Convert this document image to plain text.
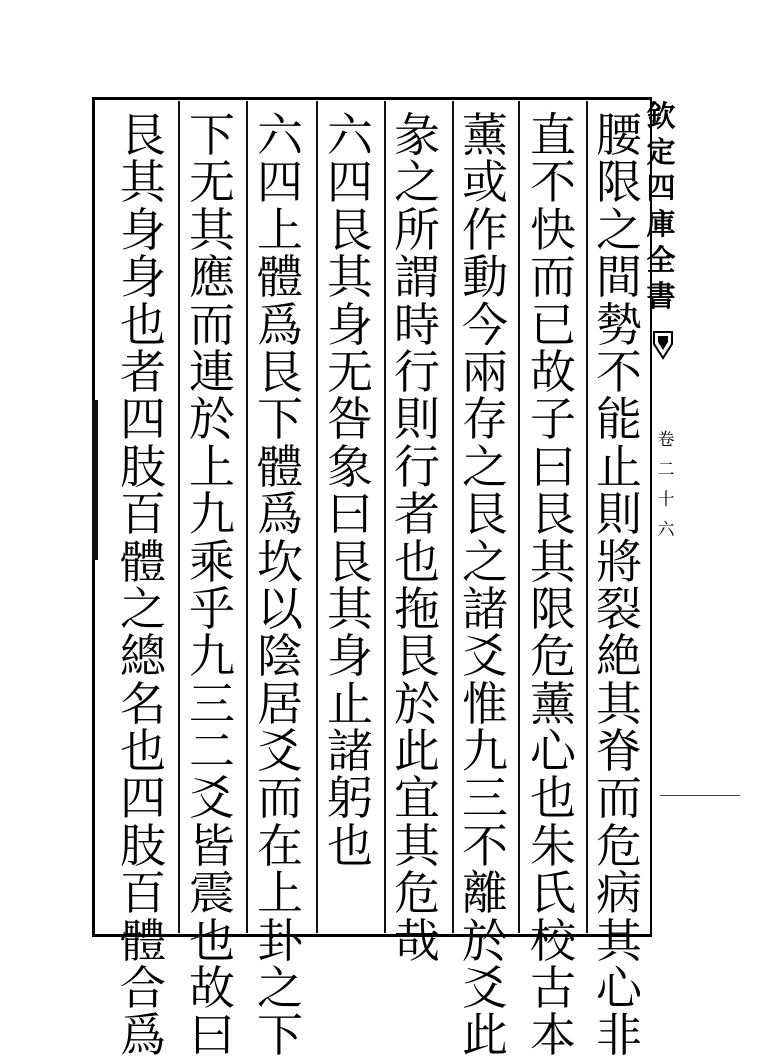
欽
定
四
庫
全
書
卷
二
十
六
腰
限
之
間
勢
不
能
止
則
將
裂
絶
其
脊
而
危
病
其
心
非
直
不
快
而
已
故
子
曰
艮
其
限
危
薰
心
也
朱
氏
校
古
本
薰
或
作
動
今
兩
存
之
艮
之
諸
爻
惟
九
三
不
離
於
爻
此
彖
之
所
謂
時
行
則
行
者
也
拖
艮
於
此
宜
其
危
哉
六
四
艮
其
身
无
咎
象
曰
艮
其
身
止
諸
躬
也
六
四
上
體
爲
艮
下
體
爲
坎
以
陰
居
爻
而
在
上
卦
之
下
下
无
其
應
而
連
於
上
九
乘
乎
九
三
二
爻
皆
震
也
故
曰
艮
其
身
身
也
者
四
肢
百
體
之
總
名
也
四
肢
百
體
合
爲
